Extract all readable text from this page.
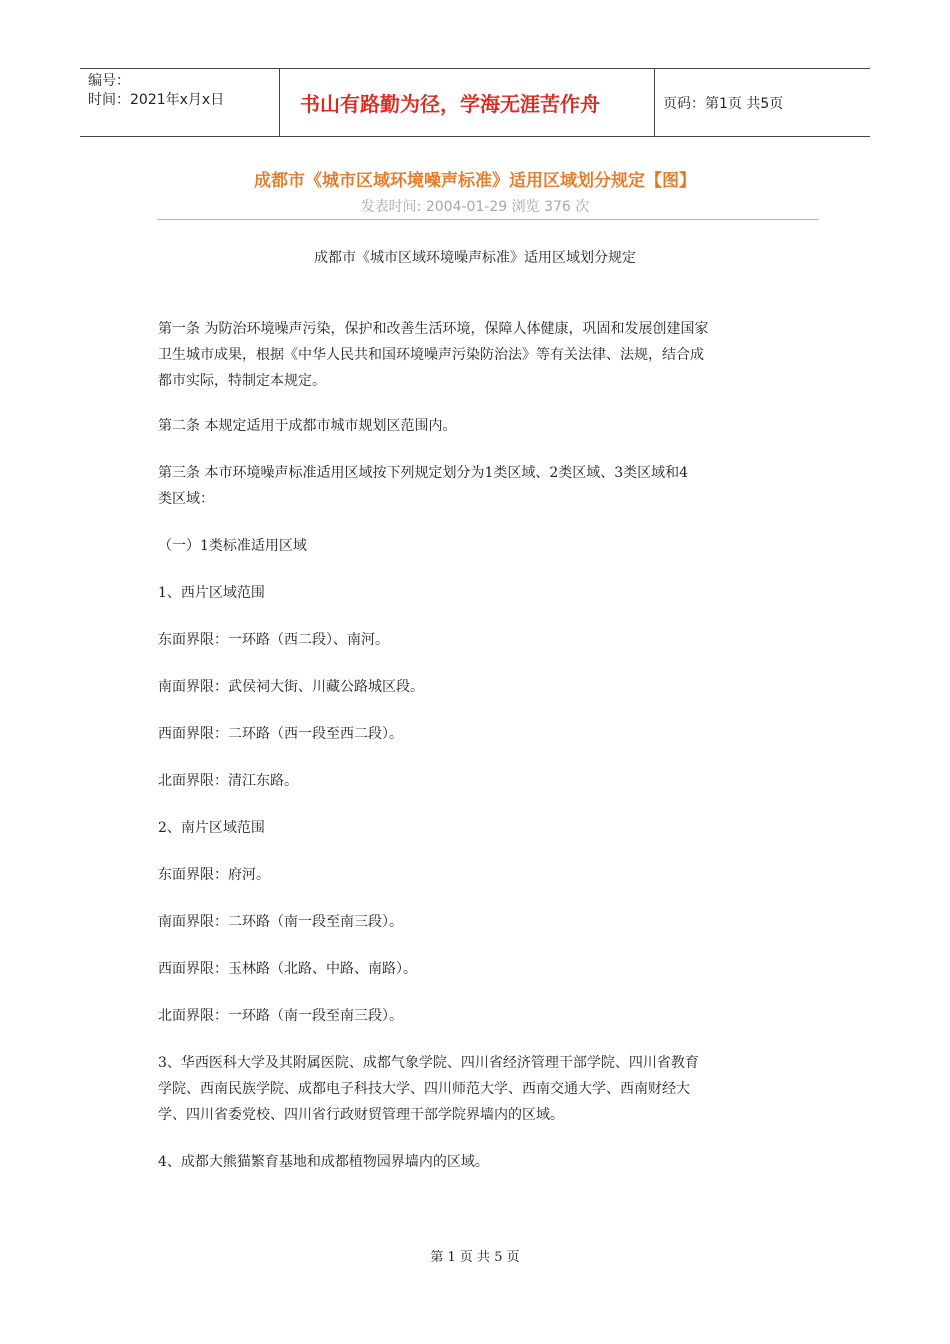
编号：
时间：2021年x月x日	书山有路勤为径，学海无涯苦作舟	页码：第1页 共5页
成都市《城市区域环境噪声标准》适用区域划分规定【图】
发表时间: 2004-01-29 浏览 376 次
成都市《城市区域环境噪声标准》适用区域划分规定
第一条 为防治环境噪声污染，保护和改善生活环境，保障人体健康，巩固和发展创建国家
卫生城市成果，根据《中华人民共和国环境噪声污染防治法》等有关法律、法规，结合成
都市实际，特制定本规定。
第二条 本规定适用于成都市城市规划区范围内。
第三条 本市环境噪声标准适用区域按下列规定划分为1类区域、2类区域、3类区域和4
类区域：
（一）1类标准适用区域
1、西片区域范围
东面界限：一环路（西二段）、南河。
南面界限：武侯祠大街、川藏公路城区段。
西面界限：二环路（西一段至西二段）。
北面界限：清江东路。
2、南片区域范围
东面界限：府河。
南面界限：二环路（南一段至南三段）。
西面界限：玉林路（北路、中路、南路）。
北面界限：一环路（南一段至南三段）。
3、华西医科大学及其附属医院、成都气象学院、四川省经济管理干部学院、四川省教育
学院、西南民族学院、成都电子科技大学、四川师范大学、西南交通大学、西南财经大
学、四川省委党校、四川省行政财贸管理干部学院界墙内的区域。
4、成都大熊猫繁育基地和成都植物园界墙内的区域。
第 1 页 共 5 页
